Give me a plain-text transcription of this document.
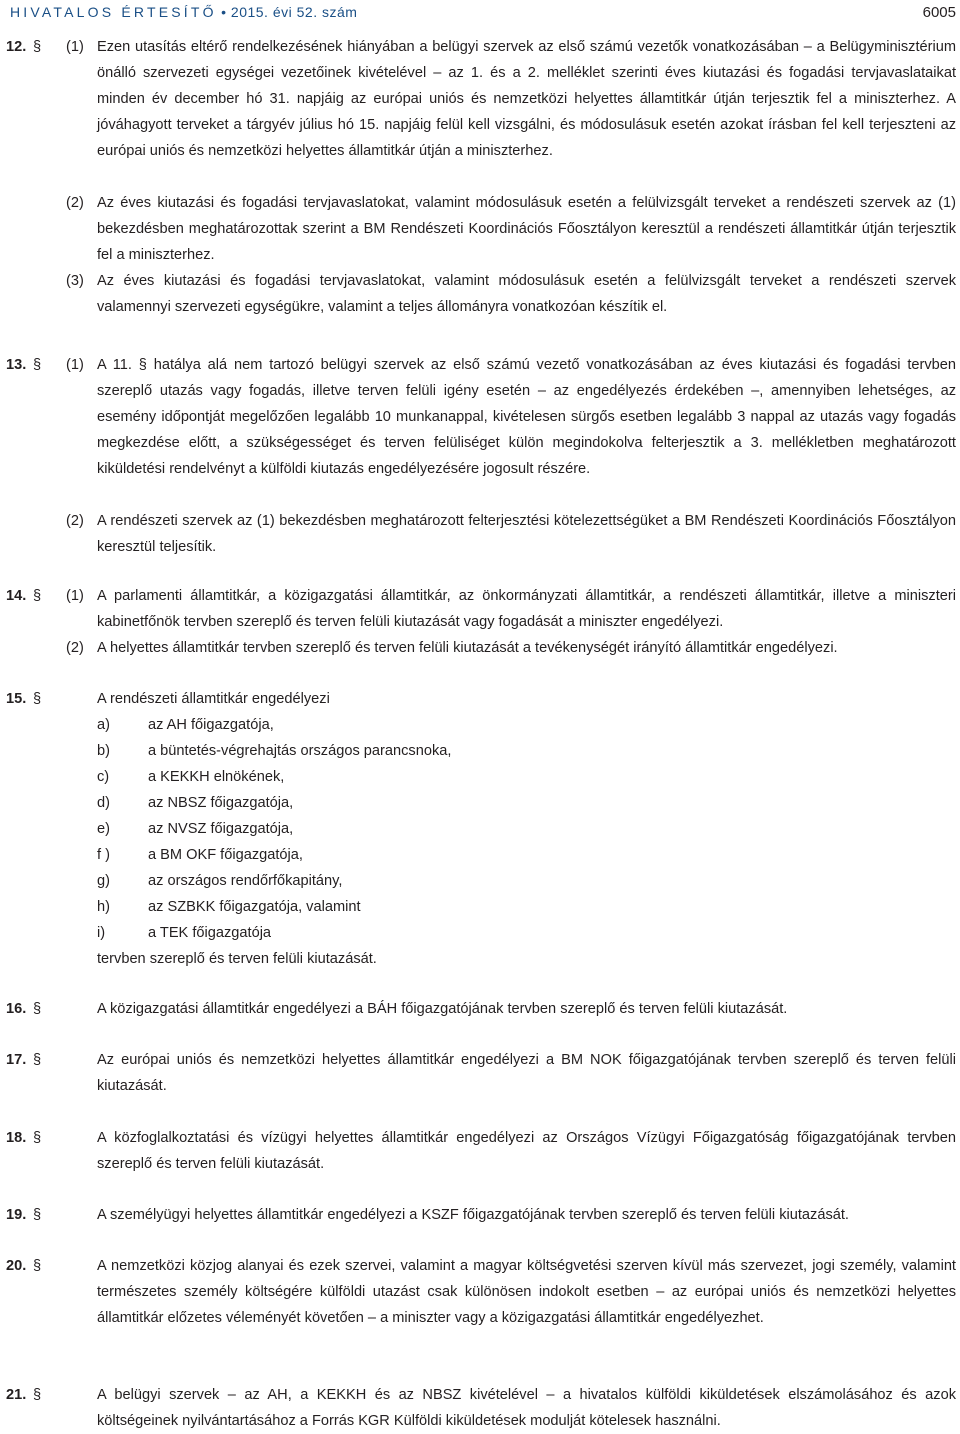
HIVATALOS ÉRTESÍTŐ • 2015. évi 52. szám	6005
12. § (1) Ezen utasítás eltérő rendelkezésének hiányában a belügyi szervek az első számú vezetők vonatkozásában – a Belügyminisztérium önálló szervezeti egységei vezetőinek kivételével – az 1. és a 2. melléklet szerinti éves kiutazási és fogadási tervjavaslataikat minden év december hó 31. napjáig az európai uniós és nemzetközi helyettes államtitkár útján terjesztik fel a miniszterhez. A jóváhagyott terveket a tárgyév július hó 15. napjáig felül kell vizsgálni, és módosulásuk esetén azokat írásban fel kell terjeszteni az európai uniós és nemzetközi helyettes államtitkár útján a miniszterhez.
(2) Az éves kiutazási és fogadási tervjavaslatokat, valamint módosulásuk esetén a felülvizsgált terveket a rendészeti szervek az (1) bekezdésben meghatározottak szerint a BM Rendészeti Koordinációs Főosztályon keresztül a rendészeti államtitkár útján terjesztik fel a miniszterhez.
(3) Az éves kiutazási és fogadási tervjavaslatokat, valamint módosulásuk esetén a felülvizsgált terveket a rendészeti szervek valamennyi szervezeti egységükre, valamint a teljes állományra vonatkozóan készítik el.
13. § (1) A 11. § hatálya alá nem tartozó belügyi szervek az első számú vezető vonatkozásában az éves kiutazási és fogadási tervben szereplő utazás vagy fogadás, illetve terven felüli igény esetén – az engedélyezés érdekében –, amennyiben lehetséges, az esemény időpontját megelőzően legalább 10 munkanappal, kivételesen sürgős esetben legalább 3 nappal az utazás vagy fogadás megkezdése előtt, a szükségességet és terven felüliséget külön megindokolva felterjesztik a 3. mellékletben meghatározott kiküldetési rendelvényt a külföldi kiutazás engedélyezésére jogosult részére.
(2) A rendészeti szervek az (1) bekezdésben meghatározott felterjesztési kötelezettségüket a BM Rendészeti Koordinációs Főosztályon keresztül teljesítik.
14. § (1) A parlamenti államtitkár, a közigazgatási államtitkár, az önkormányzati államtitkár, a rendészeti államtitkár, illetve a miniszteri kabinetfőnök tervben szereplő és terven felüli kiutazását vagy fogadását a miniszter engedélyezi.
(2) A helyettes államtitkár tervben szereplő és terven felüli kiutazását a tevékenységét irányító államtitkár engedélyezi.
15. §	A rendészeti államtitkár engedélyezi
a)	az AH főigazgatója,
b)	a büntetés-végrehajtás országos parancsnoka,
c)	a KEKKH elnökének,
d)	az NBSZ főigazgatója,
e)	az NVSZ főigazgatója,
f )	a BM OKF főigazgatója,
g)	az országos rendőrfőkapitány,
h)	az SZBKK főigazgatója, valamint
i)	a TEK főigazgatója
tervben szereplő és terven felüli kiutazását.
16. §	A közigazgatási államtitkár engedélyezi a BÁH főigazgatójának tervben szereplő és terven felüli kiutazását.
17. §	Az európai uniós és nemzetközi helyettes államtitkár engedélyezi a BM NOK főigazgatójának tervben szereplő és terven felüli kiutazását.
18. §	A közfoglalkoztatási és vízügyi helyettes államtitkár engedélyezi az Országos Vízügyi Főigazgatóság főigazgatójának tervben szereplő és terven felüli kiutazását.
19. §	A személyügyi helyettes államtitkár engedélyezi a KSZF főigazgatójának tervben szereplő és terven felüli kiutazását.
20. §	A nemzetközi közjog alanyai és ezek szervei, valamint a magyar költségvetési szerven kívül más szervezet, jogi személy, valamint természetes személy költségére külföldi utazást csak különösen indokolt esetben – az európai uniós és nemzetközi helyettes államtitkár előzetes véleményét követően – a miniszter vagy a közigazgatási államtitkár engedélyezhet.
21. §	A belügyi szervek – az AH, a KEKKH és az NBSZ kivételével – a hivatalos külföldi kiküldetések elszámolásához és azok költségeinek nyilvántartásához a Forrás KGR Külföldi kiküldetések modulját kötelesek használni.
